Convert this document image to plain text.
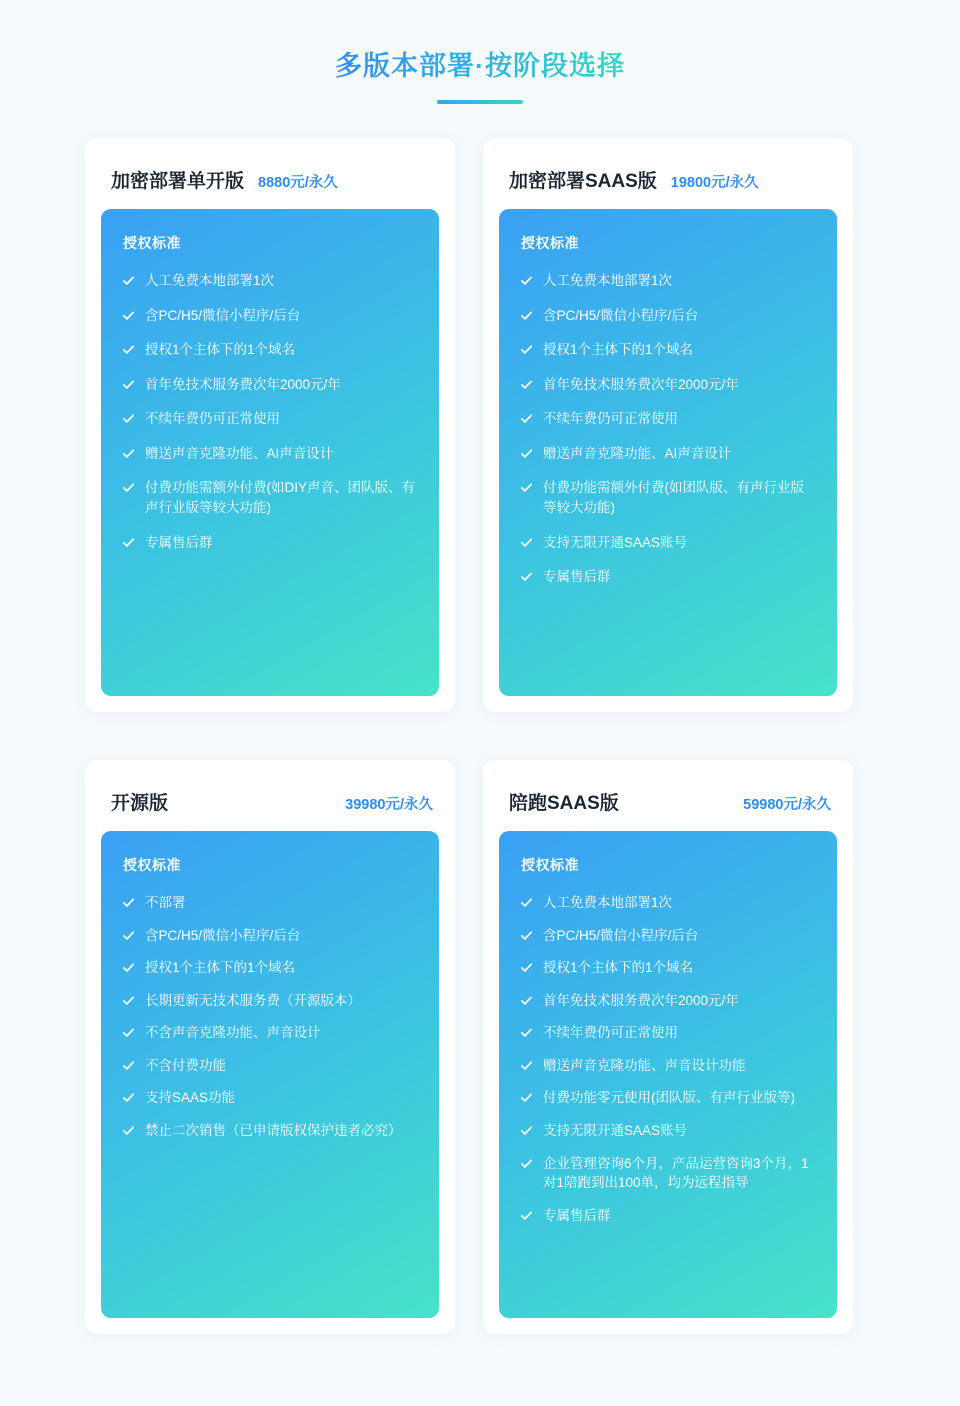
多版本部署·按阶段选择
加密部署单开版 8880元/永久
授权标准
人工免费本地部署1次
含PC/H5/微信小程序/后台
授权1个主体下的1个域名
首年免技术服务费次年2000元/年
不续年费仍可正常使用
赠送声音克隆功能、AI声音设计
付费功能需额外付费(如DIY声音、团队版、有声行业版等较大功能)
专属售后群
加密部署SAAS版 19800元/永久
授权标准
人工免费本地部署1次
含PC/H5/微信小程序/后台
授权1个主体下的1个域名
首年免技术服务费次年2000元/年
不续年费仍可正常使用
赠送声音克隆功能、AI声音设计
付费功能需额外付费(如团队版、有声行业版等较大功能)
支持无限开通SAAS账号
专属售后群
开源版	39980元/永久
授权标准
不部署
含PC/H5/微信小程序/后台
授权1个主体下的1个域名
长期更新无技术服务费（开源版本）
不含声音克隆功能、声音设计
不含付费功能
支持SAAS功能
禁止二次销售（已申请版权保护违者必究）
陪跑SAAS版	59980元/永久
授权标准
人工免费本地部署1次
含PC/H5/微信小程序/后台
授权1个主体下的1个域名
首年免技术服务费次年2000元/年
不续年费仍可正常使用
赠送声音克隆功能、声音设计功能
付费功能零元使用(团队版、有声行业版等)
支持无限开通SAAS账号
企业管理咨询6个月，产品运营咨询3个月，1对1陪跑到出100单，均为远程指导
专属售后群
